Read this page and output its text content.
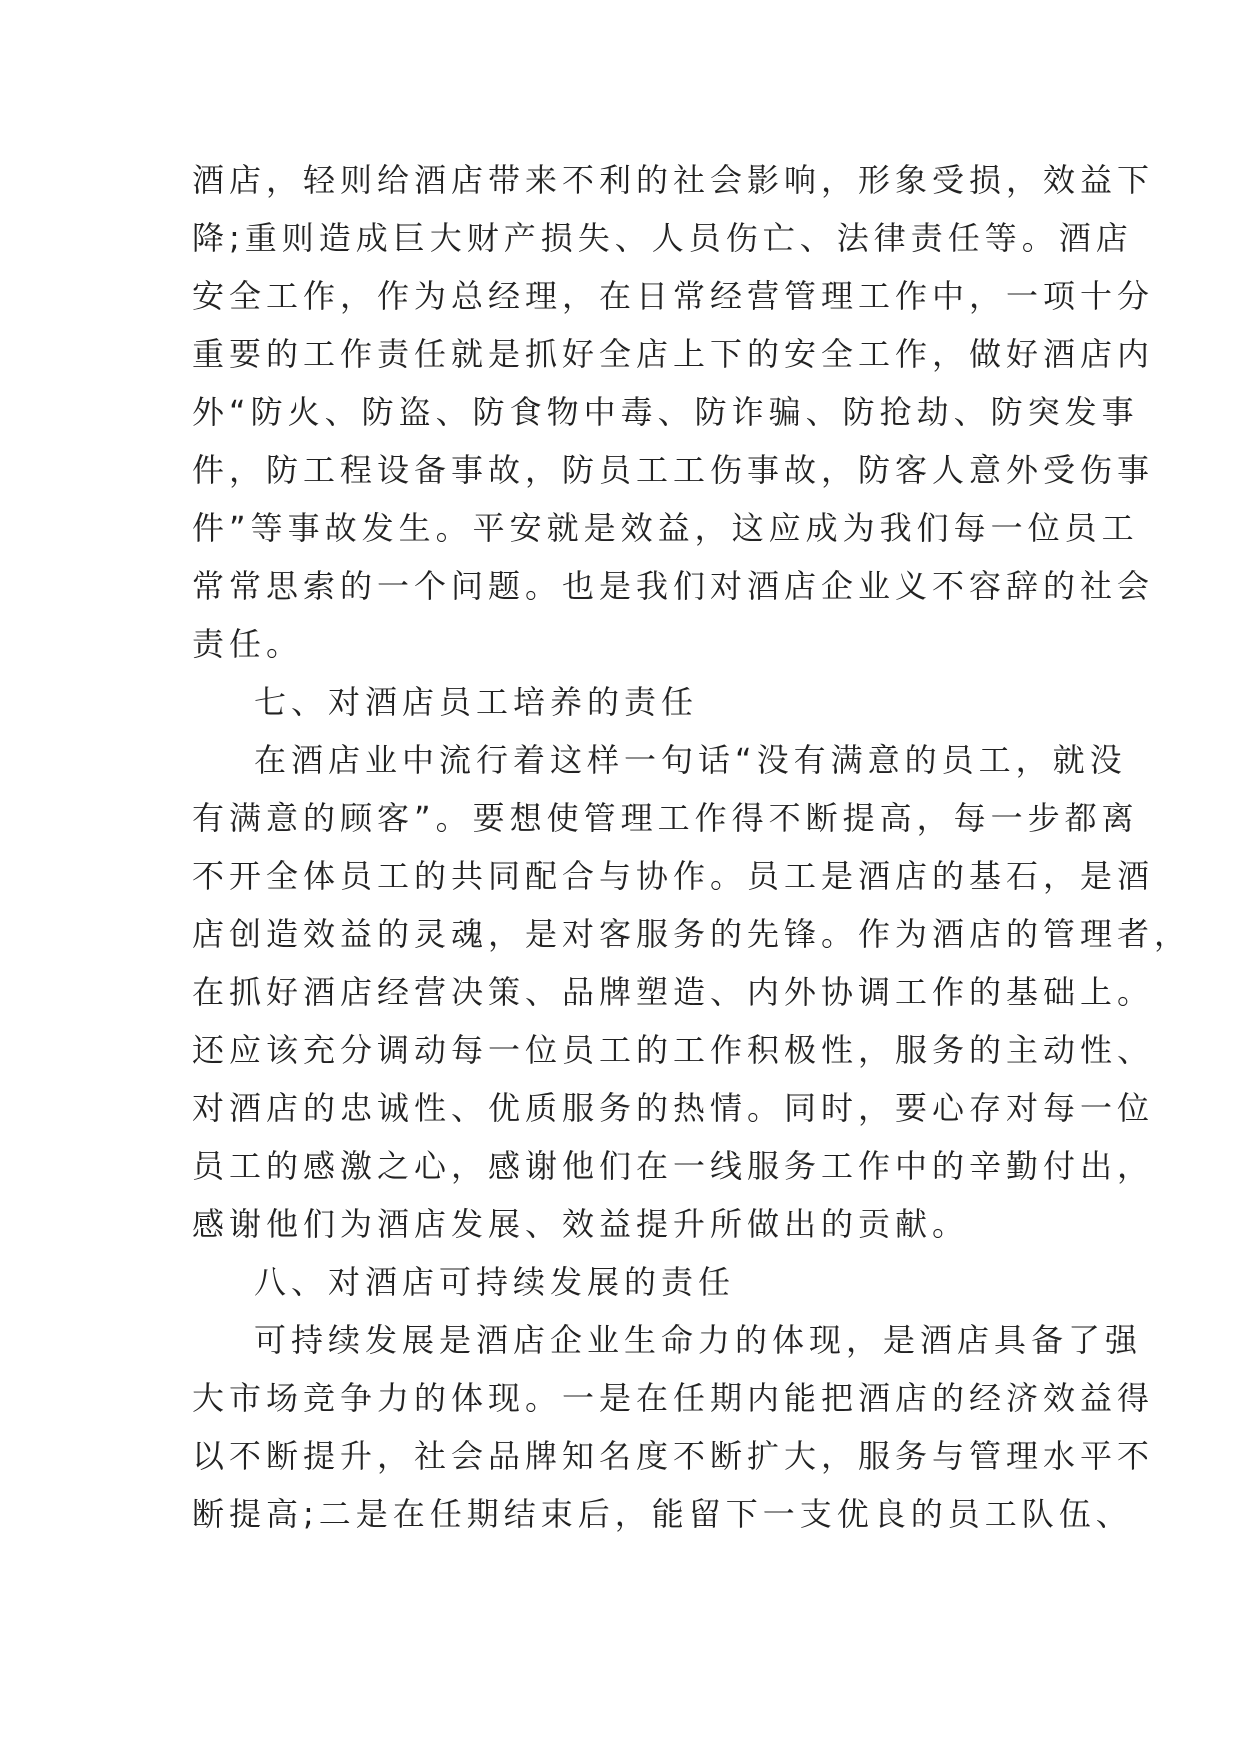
酒店，轻则给酒店带来不利的社会影响，形象受损，效益下
降;重则造成巨大财产损失、人员伤亡、法律责任等。酒店
安全工作，作为总经理，在日常经营管理工作中，一项十分
重要的工作责任就是抓好全店上下的安全工作，做好酒店内
外“防火、防盗、防食物中毒、防诈骗、防抢劫、防突发事
件，防工程设备事故，防员工工伤事故，防客人意外受伤事
件”等事故发生。平安就是效益，这应成为我们每一位员工
常常思索的一个问题。也是我们对酒店企业义不容辞的社会
责任。
七、对酒店员工培养的责任
在酒店业中流行着这样一句话“没有满意的员工，就没
有满意的顾客”。要想使管理工作得不断提高，每一步都离
不开全体员工的共同配合与协作。员工是酒店的基石，是酒
店创造效益的灵魂，是对客服务的先锋。作为酒店的管理者，
在抓好酒店经营决策、品牌塑造、内外协调工作的基础上。
还应该充分调动每一位员工的工作积极性，服务的主动性、
对酒店的忠诚性、优质服务的热情。同时，要心存对每一位
员工的感激之心，感谢他们在一线服务工作中的辛勤付出，
感谢他们为酒店发展、效益提升所做出的贡献。
八、对酒店可持续发展的责任
可持续发展是酒店企业生命力的体现，是酒店具备了强
大市场竞争力的体现。一是在任期内能把酒店的经济效益得
以不断提升，社会品牌知名度不断扩大，服务与管理水平不
断提高;二是在任期结束后，能留下一支优良的员工队伍、
